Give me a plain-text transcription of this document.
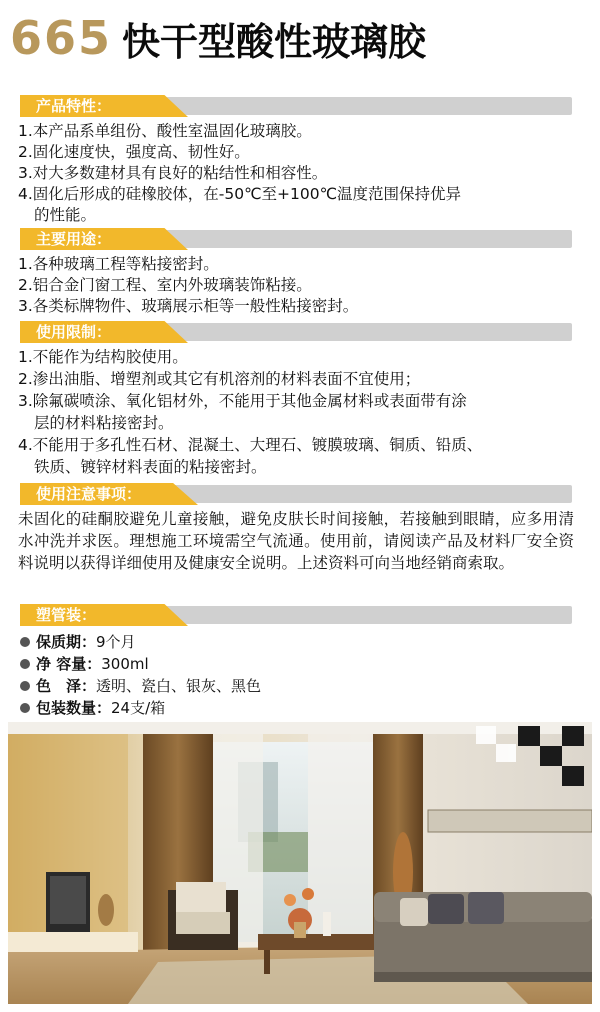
665 快干型酸性玻璃胶
产品特性：
1.本产品系单组份、酸性室温固化玻璃胶。
2.固化速度快，强度高、韧性好。
3.对大多数建材具有良好的粘结性和相容性。
4.固化后形成的硅橡胶体，在-50℃至+100℃温度范围保持优异
的性能。
主要用途：
1.各种玻璃工程等粘接密封。
2.铝合金门窗工程、室内外玻璃装饰粘接。
3.各类标牌物件、玻璃展示柜等一般性粘接密封。
使用限制：
1.不能作为结构胶使用。
2.渗出油脂、增塑剂或其它有机溶剂的材料表面不宜使用；
3.除氟碳喷涂、氧化铝材外，不能用于其他金属材料或表面带有涂
层的材料粘接密封。
4.不能用于多孔性石材、混凝土、大理石、镀膜玻璃、铜质、铅质、
铁质、镀锌材料表面的粘接密封。
使用注意事项：
未固化的硅酮胶避免儿童接触，避免皮肤长时间接触，若接触到眼睛，应多用清水冲洗并求医。理想施工环境需空气流通。使用前，请阅读产品及材料厂安全资料说明以获得详细使用及健康安全说明。上述资料可向当地经销商索取。
塑管装：
保质期：9个月
净 容量：300ml
色　泽：透明、瓷白、银灰、黑色
包装数量：24支/箱
